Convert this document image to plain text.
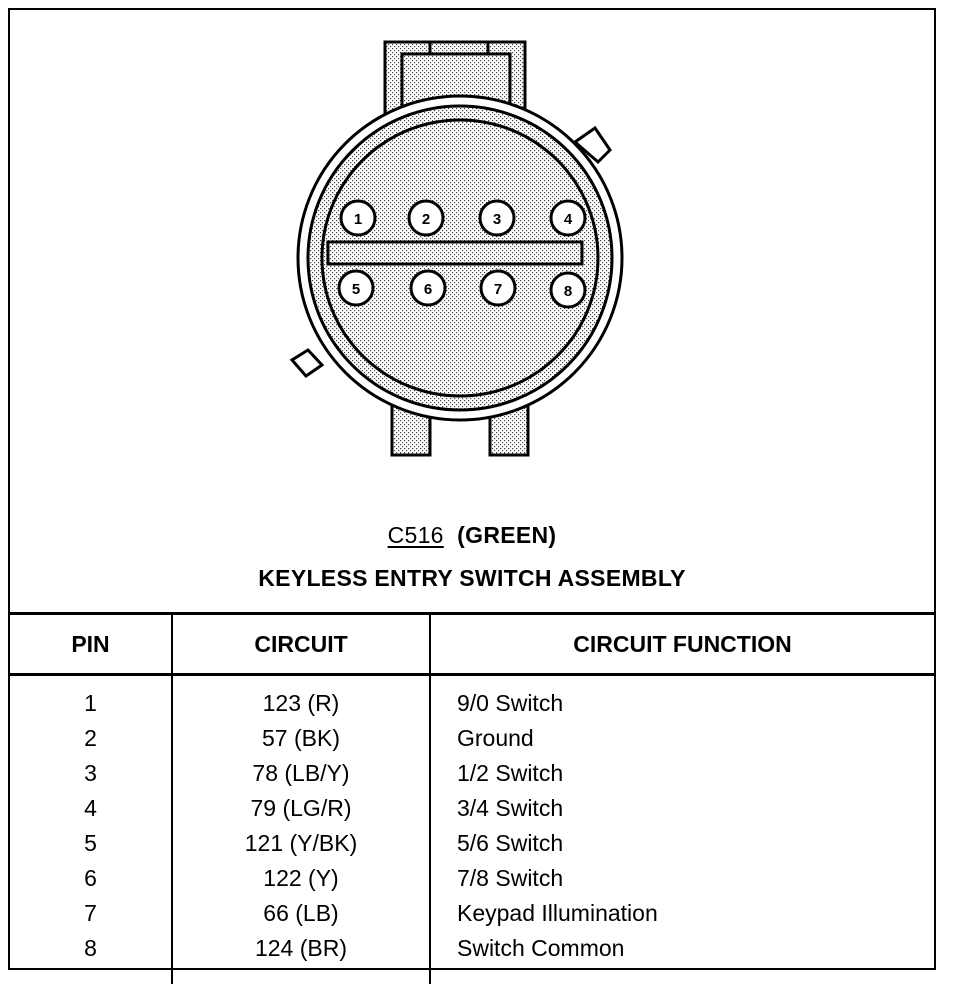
1	2	3	4
5	6	7	8
C516 (GREEN)
KEYLESS ENTRY SWITCH ASSEMBLY
PIN	CIRCUIT	CIRCUIT FUNCTION
1	123 (R)	9/0 Switch
2	57 (BK)	Ground
3	78 (LB/Y)	1/2 Switch
4	79 (LG/R)	3/4 Switch
5	121 (Y/BK)	5/6 Switch
6	122 (Y)	7/8 Switch
7	66 (LB)	Keypad Illumination
8	124 (BR)	Switch Common
